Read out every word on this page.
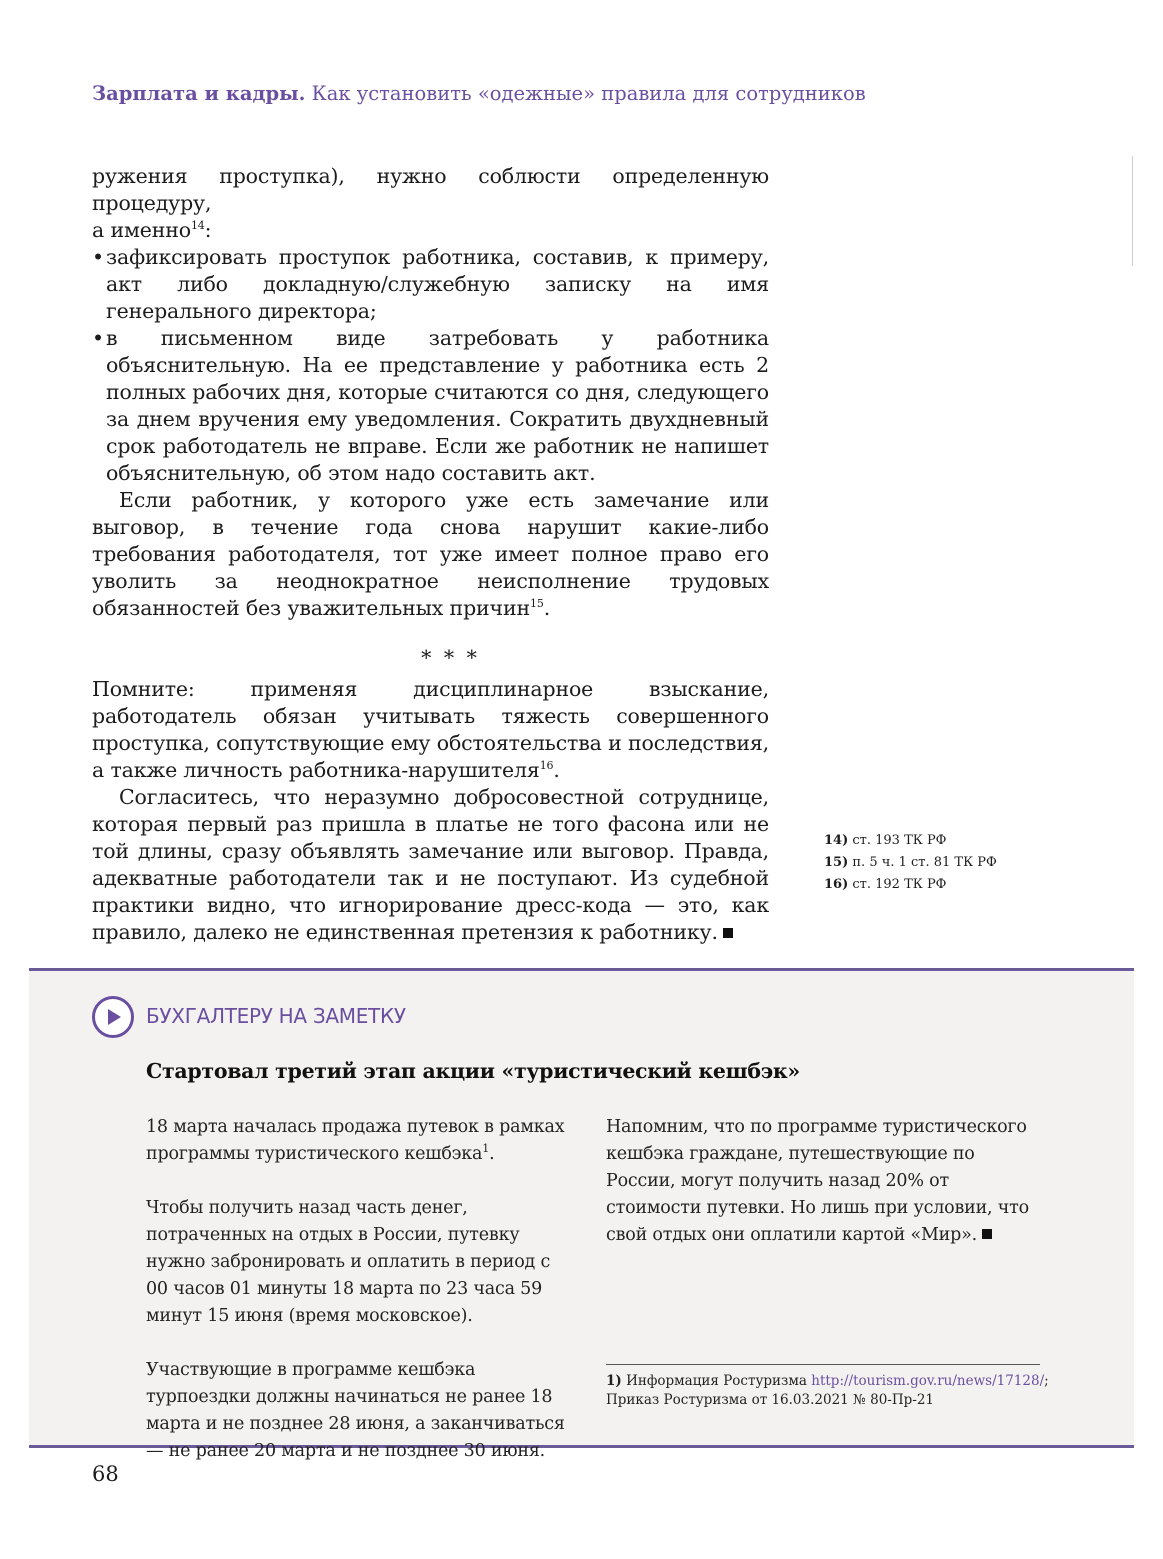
Зарплата и кадры. Как установить «одежные» правила для сотрудников

ружения проступка), нужно соблюсти определенную процедуру,
а именно$^{14}$:

• зафиксировать проступок работника, составив, к примеру, акт либо докладную/служебную записку на имя генерального директора;
• в письменном виде затребовать у работника объяснительную. На ее представление у работника есть 2 полных рабочих дня, которые считаются со дня, следующего за днем вручения ему уведомления. Сократить двухдневный срок работодатель не вправе. Если же работник не напишет объяснительную, об этом надо составить акт.

Если работник, у которого уже есть замечание или выговор, в течение года снова нарушит какие-либо требования работодателя, тот уже имеет полное право его уволить за неоднократное неисполнение трудовых обязанностей без уважительных причин$^{15}$.

* * *

Помните: применяя дисциплинарное взыскание, работодатель обязан учитывать тяжесть совершенного проступка, сопутствующие ему обстоятельства и последствия, а также личность работника-нарушителя$^{16}$.

Согласитесь, что неразумно добросовестной сотруднице, которая первый раз пришла в платье не того фасона или не той длины, сразу объявлять замечание или выговор. Правда, адекватные работодатели так и не поступают. Из судебной практики видно, что игнорирование дресс-кода — это, как правило, далеко не единственная претензия к работнику.

14) ст. 193 ТК РФ
15) п. 5 ч. 1 ст. 81 ТК РФ
16) ст. 192 ТК РФ
БУХГАЛТЕРУ НА ЗАМЕТКУ
Стартовал третий этап акции «туристический кешбэк»

18 марта началась продажа путевок в рамках программы туристического кешбэка$^1$.

Чтобы получить назад часть денег, потраченных на отдых в России, путевку нужно забронировать и оплатить в период с 00 часов 01 минуты 18 марта по 23 часа 59 минут 15 июня (время московское).

Участвующие в программе кешбэка турпоездки должны начинаться не ранее 18 марта и не позднее 28 июня, а заканчиваться — не ранее 20 марта и не позднее 30 июня.

Напомним, что по программе туристического кешбэка граждане, путешествующие по России, могут получить назад 20% от стоимости путевки. Но лишь при условии, что свой отдых они оплатили картой «Мир».

1) Информация Ростуризма http://tourism.gov.ru/news/17128/;
Приказ Ростуризма от 16.03.2021 № 80-Пр-21
68
